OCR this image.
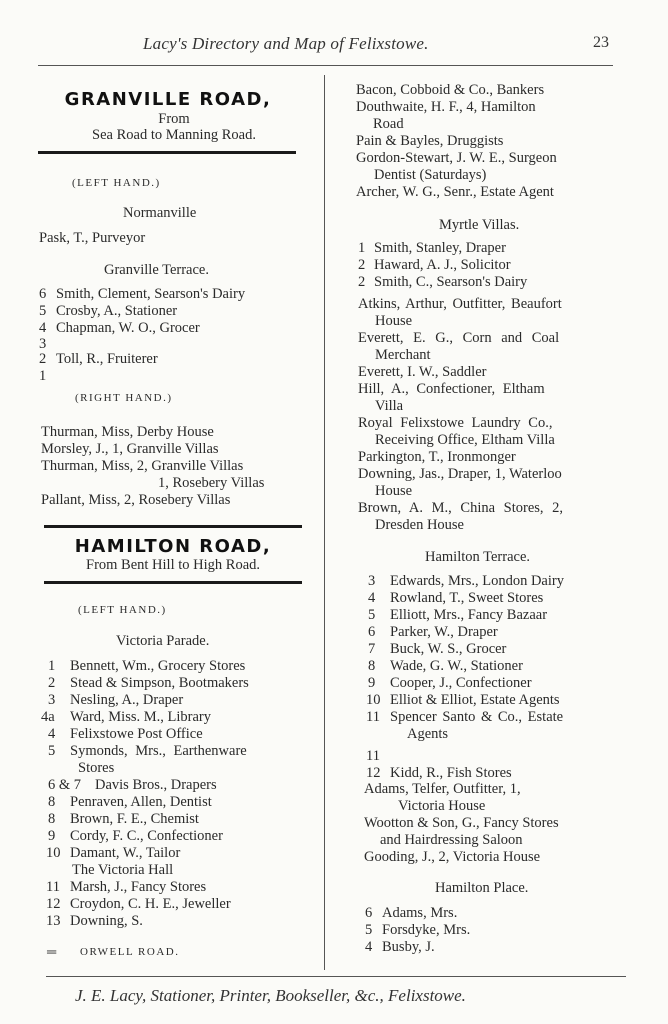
Lacy's Directory and Map of Felixstowe.	23
GRANVILLE ROAD,
From
Sea Road to Manning Road.
(LEFT HAND.)
Normanville
Pask, T., Purveyor
Granville Terrace.
6 Smith, Clement, Searson's Dairy
5 Crosby, A., Stationer
4 Chapman, W. O., Grocer
3
2 Toll, R., Fruiterer
1
(RIGHT HAND.)
Thurman, Miss, Derby House
Morsley, J., 1, Granville Villas
Thurman, Miss, 2, Granville Villas
1, Rosebery Villas
Pallant, Miss, 2, Rosebery Villas
HAMILTON ROAD,
From Bent Hill to High Road.
(LEFT HAND.)
Victoria Parade.
1 Bennett, Wm., Grocery Stores
2 Stead & Simpson, Bootmakers
3 Nesling, A., Draper
4a Ward, Miss. M., Library
4 Felixstowe Post Office
5 Symonds, Mrs., Earthenware
Stores
6 & 7 Davis Bros., Drapers
8 Penraven, Allen, Dentist
8 Brown, F. E., Chemist
9 Cordy, F. C., Confectioner
10 Damant, W., Tailor
The Victoria Hall
11 Marsh, J., Fancy Stores
12 Croydon, C. H. E., Jeweller
13 Downing, S.
═ ORWELL ROAD.
Bacon, Cobboid & Co., Bankers
Douthwaite, H. F., 4, Hamilton
Road
Pain & Bayles, Druggists
Gordon-Stewart, J. W. E., Surgeon
Dentist (Saturdays)
Archer, W. G., Senr., Estate Agent
Myrtle Villas.
1 Smith, Stanley, Draper
2 Haward, A. J., Solicitor
2 Smith, C., Searson's Dairy
Atkins, Arthur, Outfitter, Beaufort
House
Everett, E. G., Corn and Coal
Merchant
Everett, I. W., Saddler
Hill, A., Confectioner, Eltham
Villa
Royal Felixstowe Laundry Co.,
Receiving Office, Eltham Villa
Parkington, T., Ironmonger
Downing, Jas., Draper, 1, Waterloo
House
Brown, A. M., China Stores, 2,
Dresden House
Hamilton Terrace.
3 Edwards, Mrs., London Dairy
4 Rowland, T., Sweet Stores
5 Elliott, Mrs., Fancy Bazaar
6 Parker, W., Draper
7 Buck, W. S., Grocer
8 Wade, G. W., Stationer
9 Cooper, J., Confectioner
10 Elliot & Elliot, Estate Agents
11 Spencer Santo & Co., Estate
Agents
11
12 Kidd, R., Fish Stores
Adams, Telfer, Outfitter, 1,
Victoria House
Wootton & Son, G., Fancy Stores
and Hairdressing Saloon
Gooding, J., 2, Victoria House
Hamilton Place.
6 Adams, Mrs.
5 Forsdyke, Mrs.
4 Busby, J.
J. E. Lacy, Stationer, Printer, Bookseller, &c., Felixstowe.
